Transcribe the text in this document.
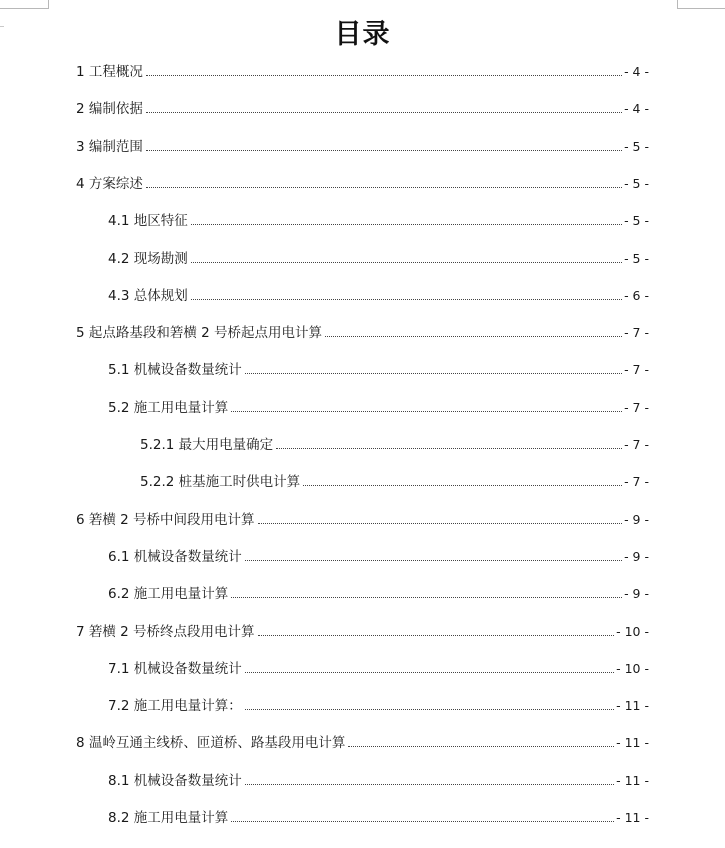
目录
1 工程概况	- 4 -
2 编制依据	- 4 -
3 编制范围	- 5 -
4 方案综述	- 5 -
4.1 地区特征	- 5 -
4.2 现场勘测	- 5 -
4.3 总体规划	- 6 -
5 起点路基段和箬横 2 号桥起点用电计算	- 7 -
5.1 机械设备数量统计	- 7 -
5.2 施工用电量计算	- 7 -
5.2.1 最大用电量确定	- 7 -
5.2.2 桩基施工时供电计算	- 7 -
6 箬横 2 号桥中间段用电计算	- 9 -
6.1 机械设备数量统计	- 9 -
6.2 施工用电量计算	- 9 -
7 箬横 2 号桥终点段用电计算	- 10 -
7.1 机械设备数量统计	- 10 -
7.2 施工用电量计算：	- 11 -
8 温岭互通主线桥、匝道桥、路基段用电计算	- 11 -
8.1 机械设备数量统计	- 11 -
8.2 施工用电量计算	- 11 -
